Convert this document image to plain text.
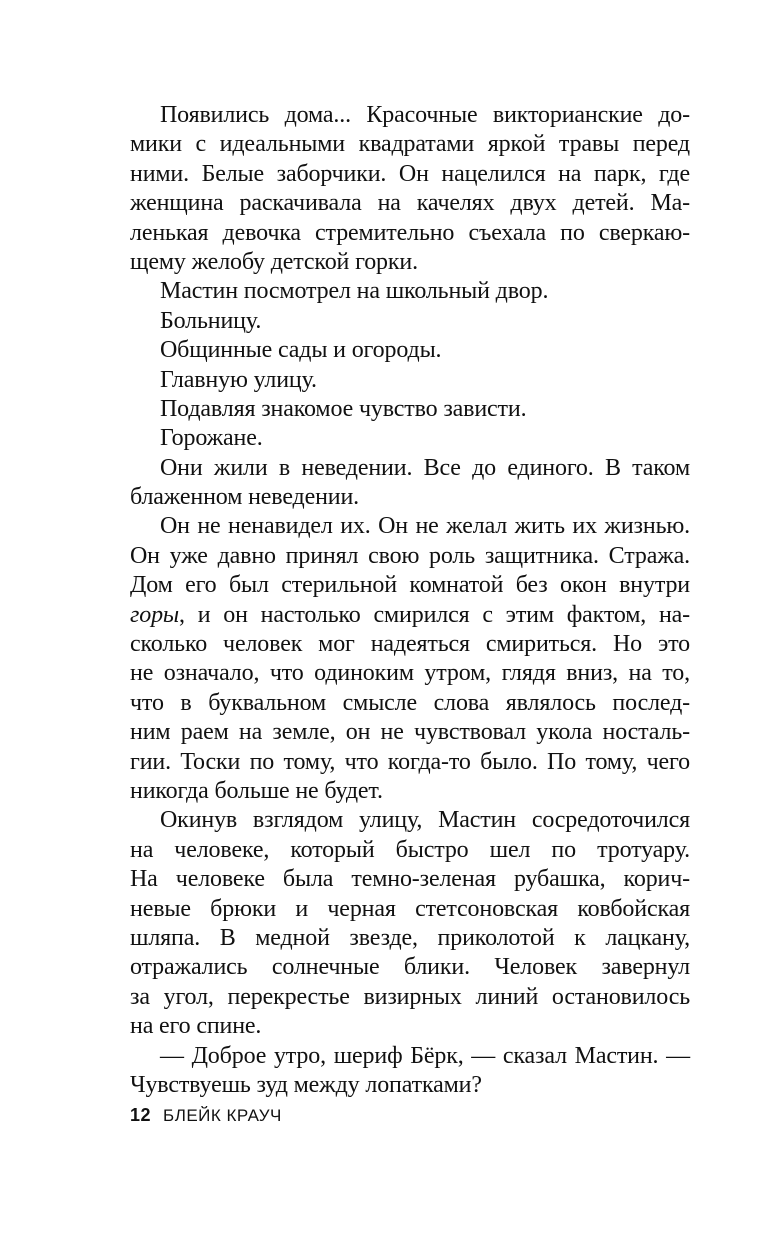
Появились дома... Красочные викторианские до-
мики с идеальными квадратами яркой травы перед
ними. Белые заборчики. Он нацелился на парк, где
женщина раскачивала на качелях двух детей. Ма-
ленькая девочка стремительно съехала по сверкаю-
щему желобу детской горки.
Мастин посмотрел на школьный двор.
Больницу.
Общинные сады и огороды.
Главную улицу.
Подавляя знакомое чувство зависти.
Горожане.
Они жили в неведении. Все до единого. В таком
блаженном неведении.
Он не ненавидел их. Он не желал жить их жизнью.
Он уже давно принял свою роль защитника. Стража.
Дом его был стерильной комнатой без окон внутри
горы, и он настолько смирился с этим фактом, на-
сколько человек мог надеяться смириться. Но это
не означало, что одиноким утром, глядя вниз, на то,
что в буквальном смысле слова являлось послед-
ним раем на земле, он не чувствовал укола носталь-
гии. Тоски по тому, что когда-то было. По тому, чего
никогда больше не будет.
Окинув взглядом улицу, Мастин сосредоточился
на человеке, который быстро шел по тротуару.
На человеке была темно-зеленая рубашка, корич-
невые брюки и черная стетсоновская ковбойская
шляпа. В медной звезде, приколотой к лацкану,
отражались солнечные блики. Человек завернул
за угол, перекрестье визирных линий остановилось
на его спине.
— Доброе утро, шериф Бёрк, — сказал Мастин. —
Чувствуешь зуд между лопатками?
12 БЛЕЙК КРАУЧ
